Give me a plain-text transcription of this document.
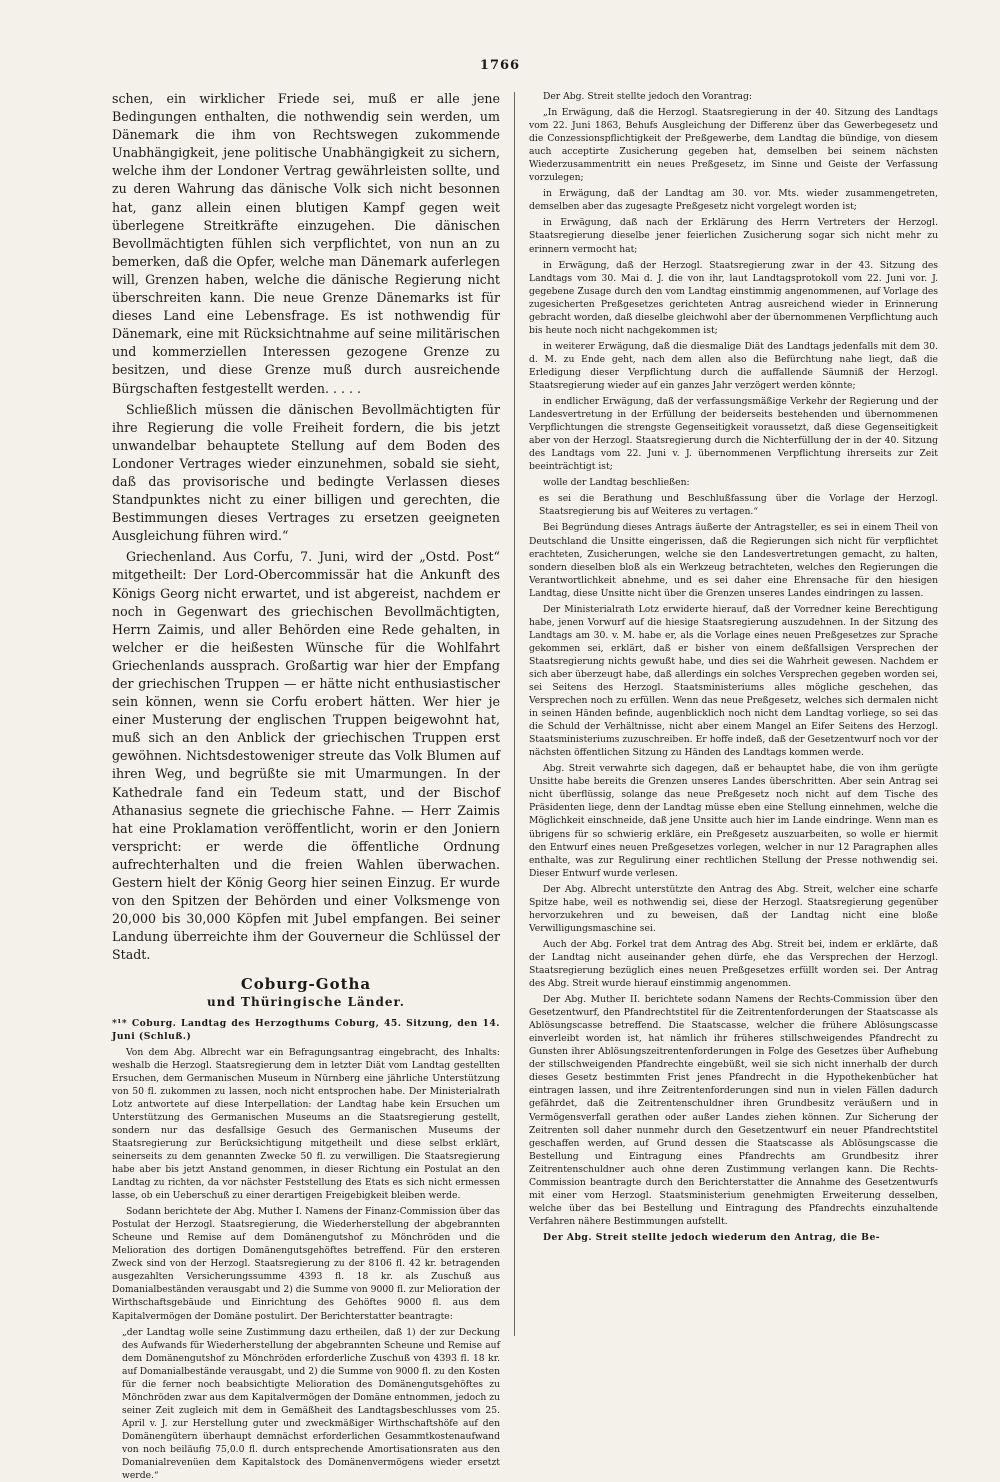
1766

schen, ein wirklicher Friede sei, muß er alle jene Bedingungen enthalten, die nothwendig sein werden, um Dänemark die ihm von Rechtswegen zukommende Unabhängigkeit, jene politische Unabhängigkeit zu sichern, welche ihm der Londoner Vertrag gewährleisten sollte, und zu deren Wahrung das dänische Volk sich nicht besonnen hat, ganz allein einen blutigen Kampf gegen weit überlegene Streitkräfte einzugehen. Die dänischen Bevollmächtigten fühlen sich verpflichtet, von nun an zu bemerken, daß die Opfer, welche man Dänemark auferlegen will, Grenzen haben, welche die dänische Regierung nicht überschreiten kann. Die neue Grenze Dänemarks ist für dieses Land eine Lebensfrage. Es ist nothwendig für Dänemark, eine mit Rücksichtnahme auf seine militärischen und kommerziellen Interessen gezogene Grenze zu besitzen, und diese Grenze muß durch ausreichende Bürgschaften festgestellt werden. . . . .

Schließlich müssen die dänischen Bevollmächtigten für ihre Regierung die volle Freiheit fordern, die bis jetzt unwandelbar behauptete Stellung auf dem Boden des Londoner Vertrages wieder einzunehmen, sobald sie sieht, daß das provisorische und bedingte Verlassen dieses Standpunktes nicht zu einer billigen und gerechten, die Bestimmungen dieses Vertrages zu ersetzen geeigneten Ausgleichung führen wird.“

Griechenland. Aus Corfu, 7. Juni, wird der „Ostd. Post“ mitgetheilt: Der Lord-Obercommissär hat die Ankunft des Königs Georg nicht erwartet, und ist abgereist, nachdem er noch in Gegenwart des griechischen Bevollmächtigten, Herrn Zaimis, und aller Behörden eine Rede gehalten, in welcher er die heißesten Wünsche für die Wohlfahrt Griechenlands aussprach. Großartig war hier der Empfang der griechischen Truppen — er hätte nicht enthusiastischer sein können, wenn sie Corfu erobert hätten. Wer hier je einer Musterung der englischen Truppen beigewohnt hat, muß sich an den Anblick der griechischen Truppen erst gewöhnen. Nichtsdestoweniger streute das Volk Blumen auf ihren Weg, und begrüßte sie mit Umarmungen. In der Kathedrale fand ein Tedeum statt, und der Bischof Athanasius segnete die griechische Fahne. — Herr Zaimis hat eine Proklamation veröffentlicht, worin er den Joniern verspricht: er werde die öffentliche Ordnung aufrechterhalten und die freien Wahlen überwachen. Gestern hielt der König Georg hier seinen Einzug. Er wurde von den Spitzen der Behörden und einer Volksmenge von 20,000 bis 30,000 Köpfen mit Jubel empfangen. Bei seiner Landung überreichte ihm der Gouverneur die Schlüssel der Stadt.

Coburg-Gotha
und Thüringische Länder.

*¹* Coburg. Landtag des Herzogthums Coburg, 45. Sitzung, den 14. Juni (Schluß.)

Von dem Abg. Albrecht war ein Befragungsantrag eingebracht, des Inhalts: weshalb die Herzogl. Staatsregierung dem in letzter Diät vom Landtag gestellten Ersuchen, dem Germanischen Museum in Nürnberg eine jährliche Unterstützung von 50 fl. zukommen zu lassen, noch nicht entsprochen habe. Der Ministerialrath Lotz antwortete auf diese Interpellation: der Landtag habe kein Ersuchen um Unterstützung des Germanischen Museums an die Staatsregierung gestellt, sondern nur das desfallsige Gesuch des Germanischen Museums der Staatsregierung zur Berücksichtigung mitgetheilt und diese selbst erklärt, seinerseits zu dem genannten Zwecke 50 fl. zu verwilligen. Die Staatsregierung habe aber bis jetzt Anstand genommen, in dieser Richtung ein Postulat an den Landtag zu richten, da vor nächster Feststellung des Etats es sich nicht ermessen lasse, ob ein Ueberschuß zu einer derartigen Freigebigkeit bleiben werde.

Sodann berichtete der Abg. Muther I. Namens der Finanz-Commission über das Postulat der Herzogl. Staatsregierung, die Wiederherstellung der abgebrannten Scheune und Remise auf dem Domänengutshof zu Mönchröden und die Melioration des dortigen Domänengutsgehöftes betreffend. Für den ersteren Zweck sind von der Herzogl. Staatsregierung zu der 8106 fl. 42 kr. betragenden ausgezahlten Versicherungssumme 4393 fl. 18 kr. als Zuschuß aus Domanialbeständen verausgabt und 2) die Summe von 9000 fl. zur Melioration der Wirthschaftsgebäude und Einrichtung des Gehöftes 9000 fl. aus dem Kapitalvermögen der Domäne postulirt. Der Berichterstatter beantragte:

„der Landtag wolle seine Zustimmung dazu ertheilen, daß 1) der zur Deckung des Aufwands für Wiederherstellung der abgebrannten Scheune und Remise auf dem Domänengutshof zu Mönchröden erforderliche Zuschuß von 4393 fl. 18 kr. auf Domanialbestände verausgabt, und 2) die Summe von 9000 fl. zu den Kosten für die ferner noch beabsichtigte Melioration des Domänengutsgehöftes zu Mönchröden zwar aus dem Kapitalvermögen der Domäne entnommen, jedoch zu seiner Zeit zugleich mit dem in Gemäßheit des Landtagsbeschlusses vom 25. April v. J. zur Herstellung guter und zweckmäßiger Wirthschaftshöfe auf den Domänengütern überhaupt demnächst erforderlichen Gesammtkostenaufwand von noch beiläufig 75,0.0 fl. durch entsprechende Amortisationsraten aus den Domanialrevenüen dem Kapitalstock des Domänenvermögens wieder ersetzt werde.“

Der Abg. Streit stellte jedoch den Vorantrag:

„In Erwägung, daß die Herzogl. Staatsregierung in der 40. Sitzung des Landtags vom 22. Juni 1863, Behufs Ausgleichung der Differenz über das Gewerbegesetz und die Conzessionspflichtigkeit der Preßgewerbe, dem Landtag die bündige, von diesem auch acceptirte Zusicherung gegeben hat, demselben bei seinem nächsten Wiederzusammentritt ein neues Preßgesetz, im Sinne und Geiste der Verfassung vorzulegen;

in Erwägung, daß der Landtag am 30. vor. Mts. wieder zusammengetreten, demselben aber das zugesagte Preßgesetz nicht vorgelegt worden ist;

in Erwägung, daß nach der Erklärung des Herrn Vertreters der Herzogl. Staatsregierung dieselbe jener feierlichen Zusicherung sogar sich nicht mehr zu erinnern vermocht hat;

in Erwägung, daß der Herzogl. Staatsregierung zwar in der 43. Sitzung des Landtags vom 30. Mai d. J. die von ihr, laut Landtagsprotokoll vom 22. Juni vor. J. gegebene Zusage durch den vom Landtag einstimmig angenommenen, auf Vorlage des zugesicherten Preßgesetzes gerichteten Antrag ausreichend wieder in Erinnerung gebracht worden, daß dieselbe gleichwohl aber der übernommenen Verpflichtung auch bis heute noch nicht nachgekommen ist;

in weiterer Erwägung, daß die diesmalige Diät des Landtags jedenfalls mit dem 30. d. M. zu Ende geht, nach dem allen also die Befürchtung nahe liegt, daß die Erledigung dieser Verpflichtung durch die auffallende Säumniß der Herzogl. Staatsregierung wieder auf ein ganzes Jahr verzögert werden könnte;

in endlicher Erwägung, daß der verfassungsmäßige Verkehr der Regierung und der Landesvertretung in der Erfüllung der beiderseits bestehenden und übernommenen Verpflichtungen die strengste Gegenseitigkeit voraussetzt, daß diese Gegenseitigkeit aber von der Herzogl. Staatsregierung durch die Nichterfüllung der in der 40. Sitzung des Landtags vom 22. Juni v. J. übernommenen Verpflichtung ihrerseits zur Zeit beeinträchtigt ist;

wolle der Landtag beschließen:

es sei die Berathung und Beschlußfassung über die Vorlage der Herzogl. Staatsregierung bis auf Weiteres zu vertagen.“

Bei Begründung dieses Antrags äußerte der Antragsteller, es sei in einem Theil von Deutschland die Unsitte eingerissen, daß die Regierungen sich nicht für verpflichtet erachteten, Zusicherungen, welche sie den Landesvertretungen gemacht, zu halten, sondern dieselben bloß als ein Werkzeug betrachteten, welches den Regierungen die Verantwortlichkeit abnehme, und es sei daher eine Ehrensache für den hiesigen Landtag, diese Unsitte nicht über die Grenzen unseres Landes eindringen zu lassen.

Der Ministerialrath Lotz erwiderte hierauf, daß der Vorredner keine Berechtigung habe, jenen Vorwurf auf die hiesige Staatsregierung auszudehnen. In der Sitzung des Landtags am 30. v. M. habe er, als die Vorlage eines neuen Preßgesetzes zur Sprache gekommen sei, erklärt, daß er bisher von einem deßfallsigen Versprechen der Staatsregierung nichts gewußt habe, und dies sei die Wahrheit gewesen. Nachdem er sich aber überzeugt habe, daß allerdings ein solches Versprechen gegeben worden sei, sei Seitens des Herzogl. Staatsministeriums alles mögliche geschehen, das Versprechen noch zu erfüllen. Wenn das neue Preßgesetz, welches sich dermalen nicht in seinen Händen befinde, augenblicklich noch nicht dem Landtag vorliege, so sei das die Schuld der Verhältnisse, nicht aber einem Mangel an Eifer Seitens des Herzogl. Staatsministeriums zuzuschreiben. Er hoffe indeß, daß der Gesetzentwurf noch vor der nächsten öffentlichen Sitzung zu Händen des Landtags kommen werde.

Abg. Streit verwahrte sich dagegen, daß er behauptet habe, die von ihm gerügte Unsitte habe bereits die Grenzen unseres Landes überschritten. Aber sein Antrag sei nicht überflüssig, solange das neue Preßgesetz noch nicht auf dem Tische des Präsidenten liege, denn der Landtag müsse eben eine Stellung einnehmen, welche die Möglichkeit einschneide, daß jene Unsitte auch hier im Lande eindringe. Wenn man es übrigens für so schwierig erkläre, ein Preßgesetz auszuarbeiten, so wolle er hiermit den Entwurf eines neuen Preßgesetzes vorlegen, welcher in nur 12 Paragraphen alles enthalte, was zur Regulirung einer rechtlichen Stellung der Presse nothwendig sei. Dieser Entwurf wurde verlesen.

Der Abg. Albrecht unterstützte den Antrag des Abg. Streit, welcher eine scharfe Spitze habe, weil es nothwendig sei, diese der Herzogl. Staatsregierung gegenüber hervorzukehren und zu beweisen, daß der Landtag nicht eine bloße Verwilligungsmaschine sei.

Auch der Abg. Forkel trat dem Antrag des Abg. Streit bei, indem er erklärte, daß der Landtag nicht auseinander gehen dürfe, ehe das Versprechen der Herzogl. Staatsregierung bezüglich eines neuen Preßgesetzes erfüllt worden sei. Der Antrag des Abg. Streit wurde hierauf einstimmig angenommen.

Der Abg. Muther II. berichtete sodann Namens der Rechts-Commission über den Gesetzentwurf, den Pfandrechtstitel für die Zeitrentenforderungen der Staatscasse als Ablösungscasse betreffend. Die Staatscasse, welcher die frühere Ablösungscasse einverleibt worden ist, hat nämlich ihr früheres stillschweigendes Pfandrecht zu Gunsten ihrer Ablösungszeitrentenforderungen in Folge des Gesetzes über Aufhebung der stillschweigenden Pfandrechte eingebüßt, weil sie sich nicht innerhalb der durch dieses Gesetz bestimmten Frist jenes Pfandrecht in die Hypothekenbücher hat eintragen lassen, und ihre Zeitrentenforderungen sind nun in vielen Fällen dadurch gefährdet, daß die Zeitrentenschuldner ihren Grundbesitz veräußern und in Vermögensverfall gerathen oder außer Landes ziehen können. Zur Sicherung der Zeitrenten soll daher nunmehr durch den Gesetzentwurf ein neuer Pfandrechtstitel geschaffen werden, auf Grund dessen die Staatscasse als Ablösungscasse die Bestellung und Eintragung eines Pfandrechts am Grundbesitz ihrer Zeitrentenschuldner auch ohne deren Zustimmung verlangen kann. Die Rechts-Commission beantragte durch den Berichterstatter die Annahme des Gesetzentwurfs mit einer vom Herzogl. Staatsministerium genehmigten Erweiterung desselben, welche über das bei Bestellung und Eintragung des Pfandrechts einzuhaltende Verfahren nähere Bestimmungen aufstellt.

Der Abg. Streit stellte jedoch wiederum den Antrag, die Be-
